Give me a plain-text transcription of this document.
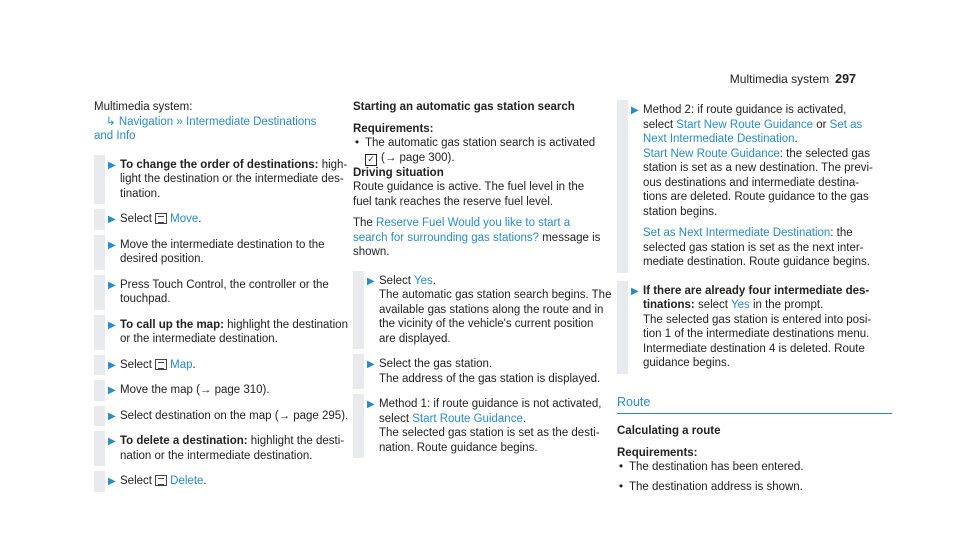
Multimedia system 297

Multimedia system:

↳ Navigation » Intermediate Destinations

and Info

▶ To change the order of destinations: high-
light the destination or the intermediate des-
tination.
▶ Select Move.
▶ Move the intermediate destination to the
desired position.
▶ Press Touch Control, the controller or the
touchpad.
▶ To call up the map: highlight the destination
or the intermediate destination.
▶ Select Map.
▶ Move the map (→ page 310).
▶ Select destination on the map (→ page 295).
▶ To delete a destination: highlight the desti-
nation or the intermediate destination.
▶ Select Delete.

Starting an automatic gas station search

Requirements:

• The automatic gas station search is activated
✓ (→ page 300).

Driving situation

Route guidance is active. The fuel level in the

fuel tank reaches the reserve fuel level.

The Reserve Fuel Would you like to start a

search for surrounding gas stations? message is

shown.

▶ Select Yes.
The automatic gas station search begins. The
available gas stations along the route and in
the vicinity of the vehicle's current position
are displayed.
▶ Select the gas station.
The address of the gas station is displayed.
▶ Method 1: if route guidance is not activated,
select Start Route Guidance.
The selected gas station is set as the desti-
nation. Route guidance begins.
▶ Method 2: if route guidance is activated,
select Start New Route Guidance or Set as
Next Intermediate Destination.
Start New Route Guidance: the selected gas
station is set as a new destination. The previ-
ous destinations and intermediate destina-
tions are deleted. Route guidance to the gas
station begins.
Set as Next Intermediate Destination: the
selected gas station is set as the next inter-
mediate destination. Route guidance begins.
▶ If there are already four intermediate des-
tinations: select Yes in the prompt.
The selected gas station is entered into posi-
tion 1 of the intermediate destinations menu.
Intermediate destination 4 is deleted. Route
guidance begins.
Route

Calculating a route

Requirements:

• The destination has been entered.
• The destination address is shown.
